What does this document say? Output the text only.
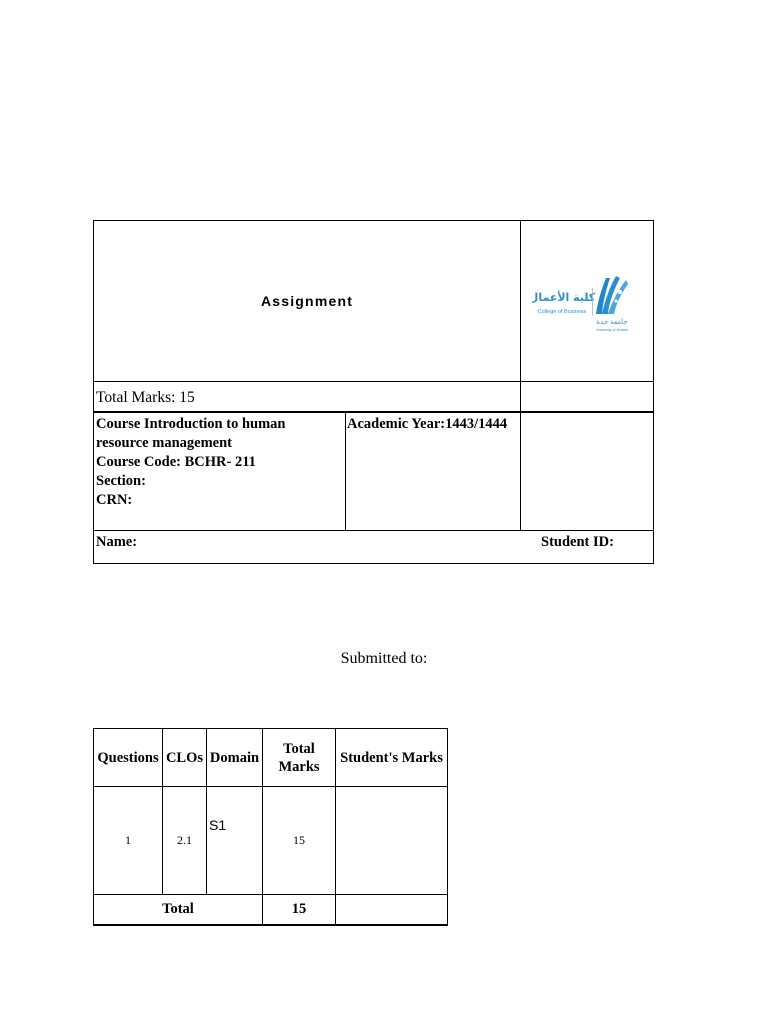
Assignment	كلية الأعمال
College of Business
جامعة جدة
University of Jeddah
Total Marks: 15
Course Introduction to human
resource management
Course Code: BCHR- 211
Section:
CRN:
Academic Year:1443/1444
Name:	Student ID:
Submitted to:
Questions	CLOs	Domain	Total Marks	Student's Marks
1	2.1	S1	15	
Total			15	
